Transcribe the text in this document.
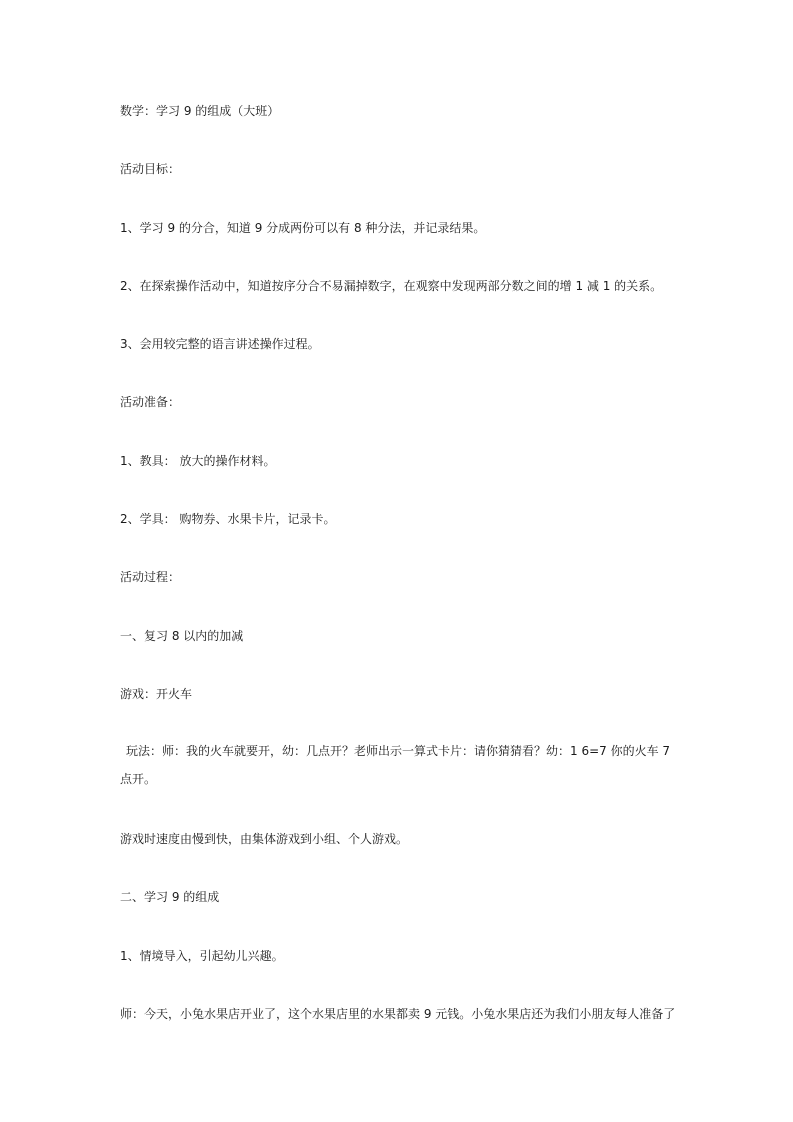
数学：学习 9 的组成（大班）
活动目标：
1、学习 9 的分合，知道 9 分成两份可以有 8 种分法，并记录结果。
2、在探索操作活动中，知道按序分合不易漏掉数字，在观察中发现两部分数之间的增 1 减 1 的关系。
3、会用较完整的语言讲述操作过程。
活动准备：
1、教具： 放大的操作材料。
2、学具： 购物券、水果卡片，记录卡。
活动过程：
一、复习 8 以内的加减
游戏：开火车
玩法：师：我的火车就要开，幼：几点开？老师出示一算式卡片：请你猜猜看？幼：1 6=7 你的火车 7 点开。
游戏时速度由慢到快，由集体游戏到小组、个人游戏。
二、学习 9 的组成
1、情境导入，引起幼儿兴趣。
师：今天，小兔水果店开业了，这个水果店里的水果都卖 9 元钱。小兔水果店还为我们小朋友每人准备了
